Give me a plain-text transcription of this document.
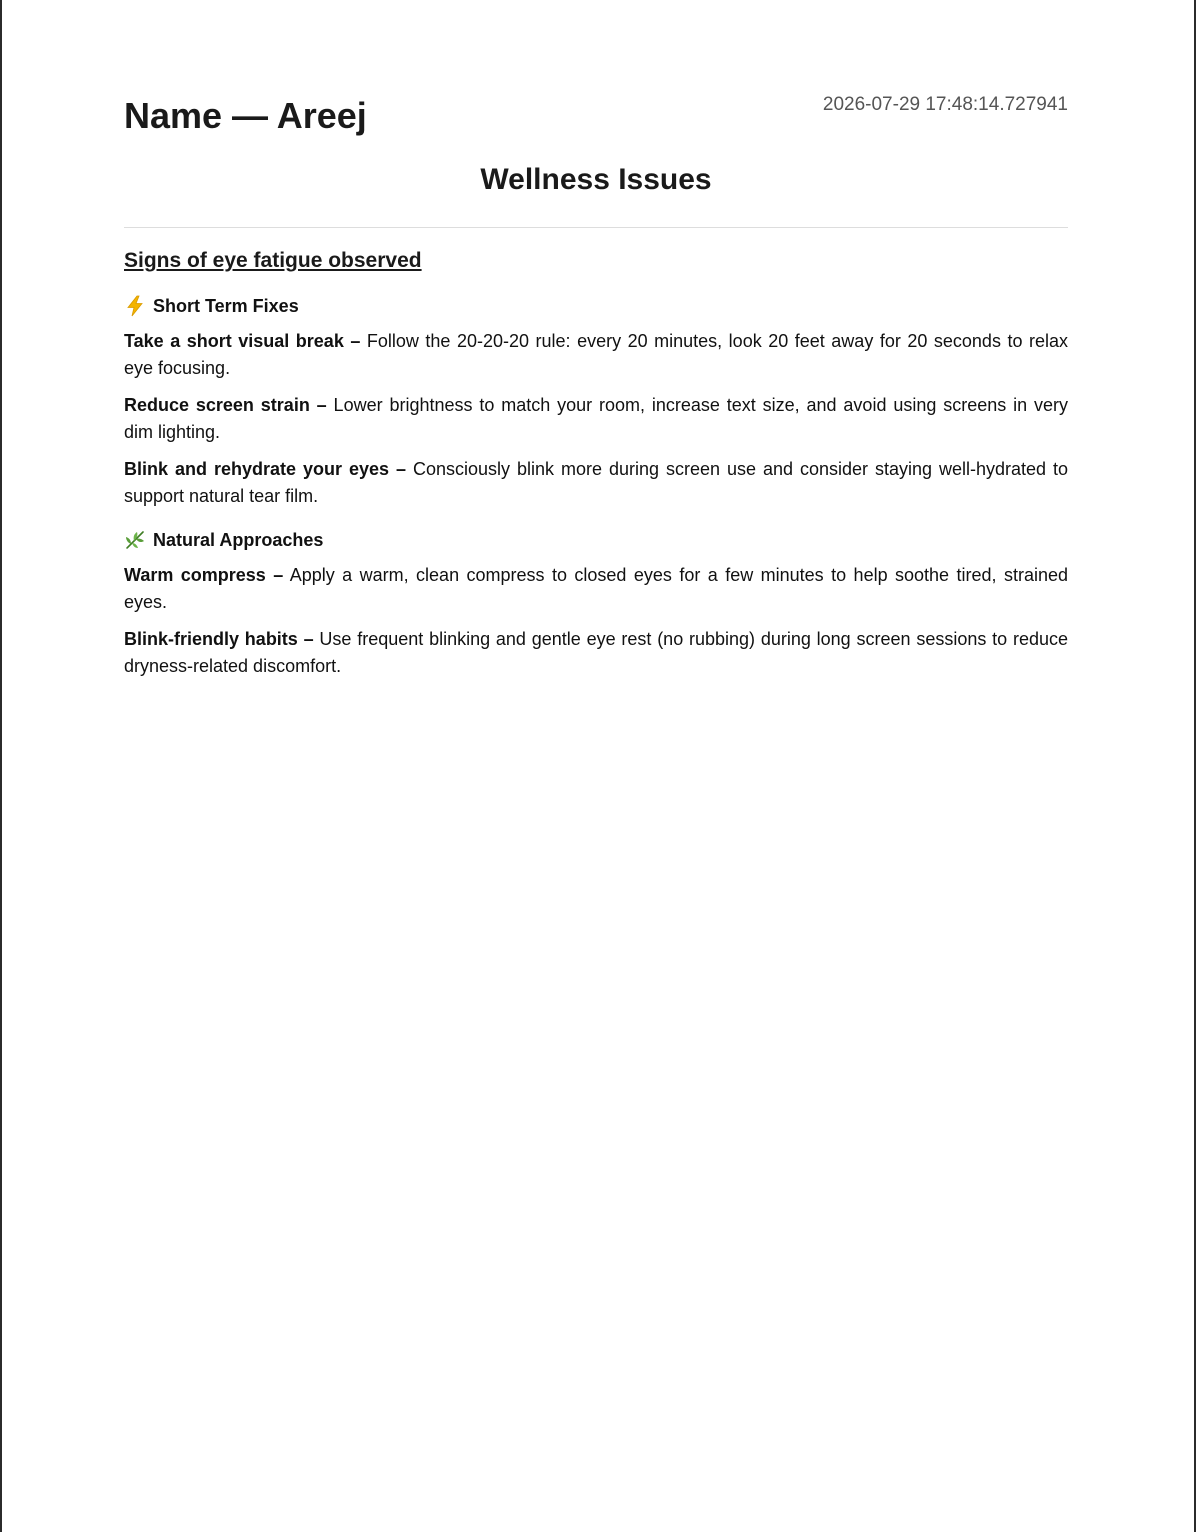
Name — Areej	2026-07-29 17:48:14.727941
Wellness Issues
Signs of eye fatigue observed
Short Term Fixes

Take a short visual break – Follow the 20-20-20 rule: every 20 minutes, look 20 feet away for 20 seconds to relax eye focusing.

Reduce screen strain – Lower brightness to match your room, increase text size, and avoid using screens in very dim lighting.

Blink and rehydrate your eyes – Consciously blink more during screen use and consider staying well-hydrated to support natural tear film.

Natural Approaches

Warm compress – Apply a warm, clean compress to closed eyes for a few minutes to help soothe tired, strained eyes.

Blink-friendly habits – Use frequent blinking and gentle eye rest (no rubbing) during long screen sessions to reduce dryness-related discomfort.
